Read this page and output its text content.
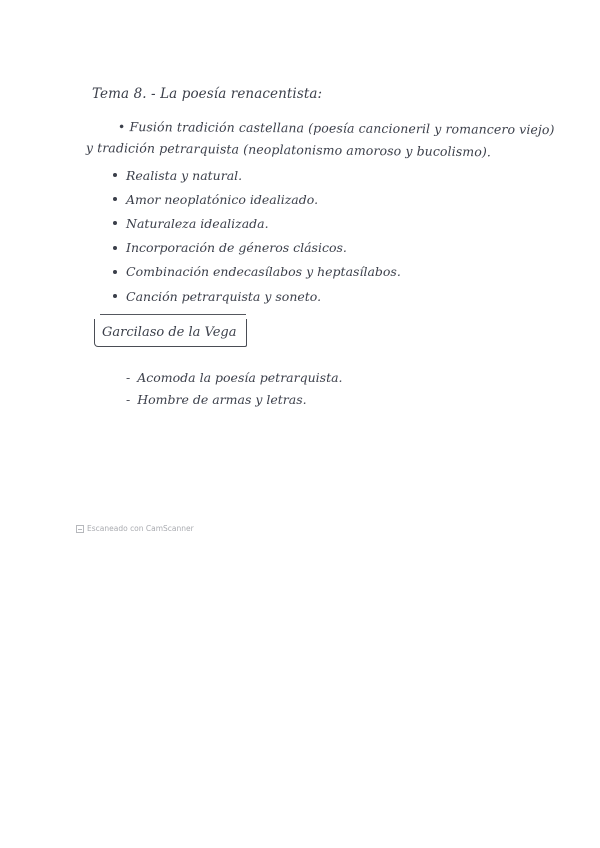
Tema 8. - La poesía renacentista:
• Fusión tradición castellana (poesía cancioneril y romancero viejo)
y tradición petrarquista (neoplatonismo amoroso y bucolismo).
Realista y natural.
Amor neoplatónico idealizado.
Naturaleza idealizada.
Incorporación de géneros clásicos.
Combinación endecasílabos y heptasílabos.
Canción petrarquista y soneto.
Garcilaso de la Vega
- Acomoda la poesía petrarquista.
- Hombre de armas y letras.
Escaneado con CamScanner
